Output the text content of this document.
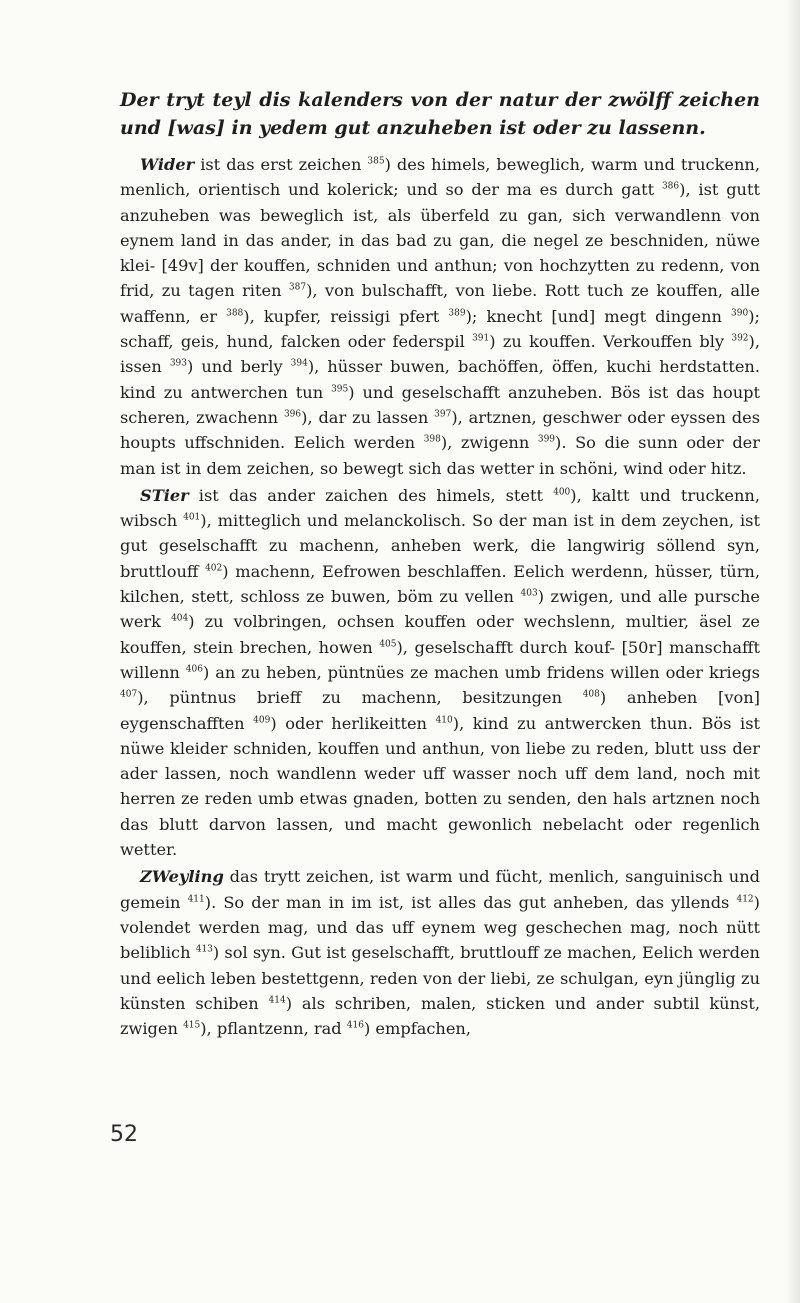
Der tryt teyl dis kalenders von der natur der zwölff zeichen und [was] in yedem gut anzuheben ist oder zu lassenn.

Wider ist das erst zeichen $^{385}$) des himels, beweglich, warm und truckenn, menlich, orientisch und kolerick; und so der ma es durch gatt $^{386}$), ist gutt anzuheben was beweglich ist, als überfeld zu gan, sich verwandlenn von eynem land in das ander, in das bad zu gan, die negel ze beschniden, nüwe klei- [49v] der kouffen, schniden und anthun; von hochzytten zu redenn, von frid, zu tagen riten $^{387}$), von bulschafft, von liebe. Rott tuch ze kouffen, alle waffenn, er $^{388}$), kupfer, reissigi pfert $^{389}$); knecht [und] megt dingenn $^{390}$); schaff, geis, hund, falcken oder federspil $^{391}$) zu kouffen. Verkouffen bly $^{392}$), issen $^{393}$) und berly $^{394}$), hüsser buwen, bachöffen, öffen, kuchi herdstatten. kind zu antwerchen tun $^{395}$) und geselschafft anzuheben. Bös ist das houpt scheren, zwachenn $^{396}$), dar zu lassen $^{397}$), artznen, geschwer oder eyssen des houpts uffschniden. Eelich werden $^{398}$), zwigenn $^{399}$). So die sunn oder der man ist in dem zeichen, so bewegt sich das wetter in schöni, wind oder hitz.

STier ist das ander zaichen des himels, stett $^{400}$), kaltt und truckenn, wibsch $^{401}$), mitteglich und melanckolisch. So der man ist in dem zeychen, ist gut geselschafft zu machenn, anheben werk, die langwirig söllend syn, bruttlouff $^{402}$) machenn, Eefrowen beschlaffen. Eelich werdenn, hüsser, türn, kilchen, stett, schloss ze buwen, böm zu vellen $^{403}$) zwigen, und alle pursche werk $^{404}$) zu volbringen, ochsen kouffen oder wechslenn, multier, äsel ze kouffen, stein brechen, howen $^{405}$), geselschafft durch kouf- [50r] manschafft willenn $^{406}$) an zu heben, püntnües ze machen umb fridens willen oder kriegs $^{407}$), püntnus brieff zu machenn, besitzungen $^{408}$) anheben [von] eygenschafften $^{409}$) oder herlikeitten $^{410}$), kind zu antwercken thun. Bös ist nüwe kleider schniden, kouffen und anthun, von liebe zu reden, blutt uss der ader lassen, noch wandlenn weder uff wasser noch uff dem land, noch mit herren ze reden umb etwas gnaden, botten zu senden, den hals artznen noch das blutt darvon lassen, und macht gewonlich nebelacht oder regenlich wetter.

ZWeyling das trytt zeichen, ist warm und fücht, menlich, sanguinisch und gemein $^{411}$). So der man in im ist, ist alles das gut anheben, das yllends $^{412}$) volendet werden mag, und das uff eynem weg geschechen mag, noch nütt beliblich $^{413}$) sol syn. Gut ist geselschafft, bruttlouff ze machen, Eelich werden und eelich leben bestettgenn, reden von der liebi, ze schulgan, eyn jünglig zu künsten schiben $^{414}$) als schriben, malen, sticken und ander subtil künst, zwigen $^{415}$), pflantzenn, rad $^{416}$) empfachen,

52
